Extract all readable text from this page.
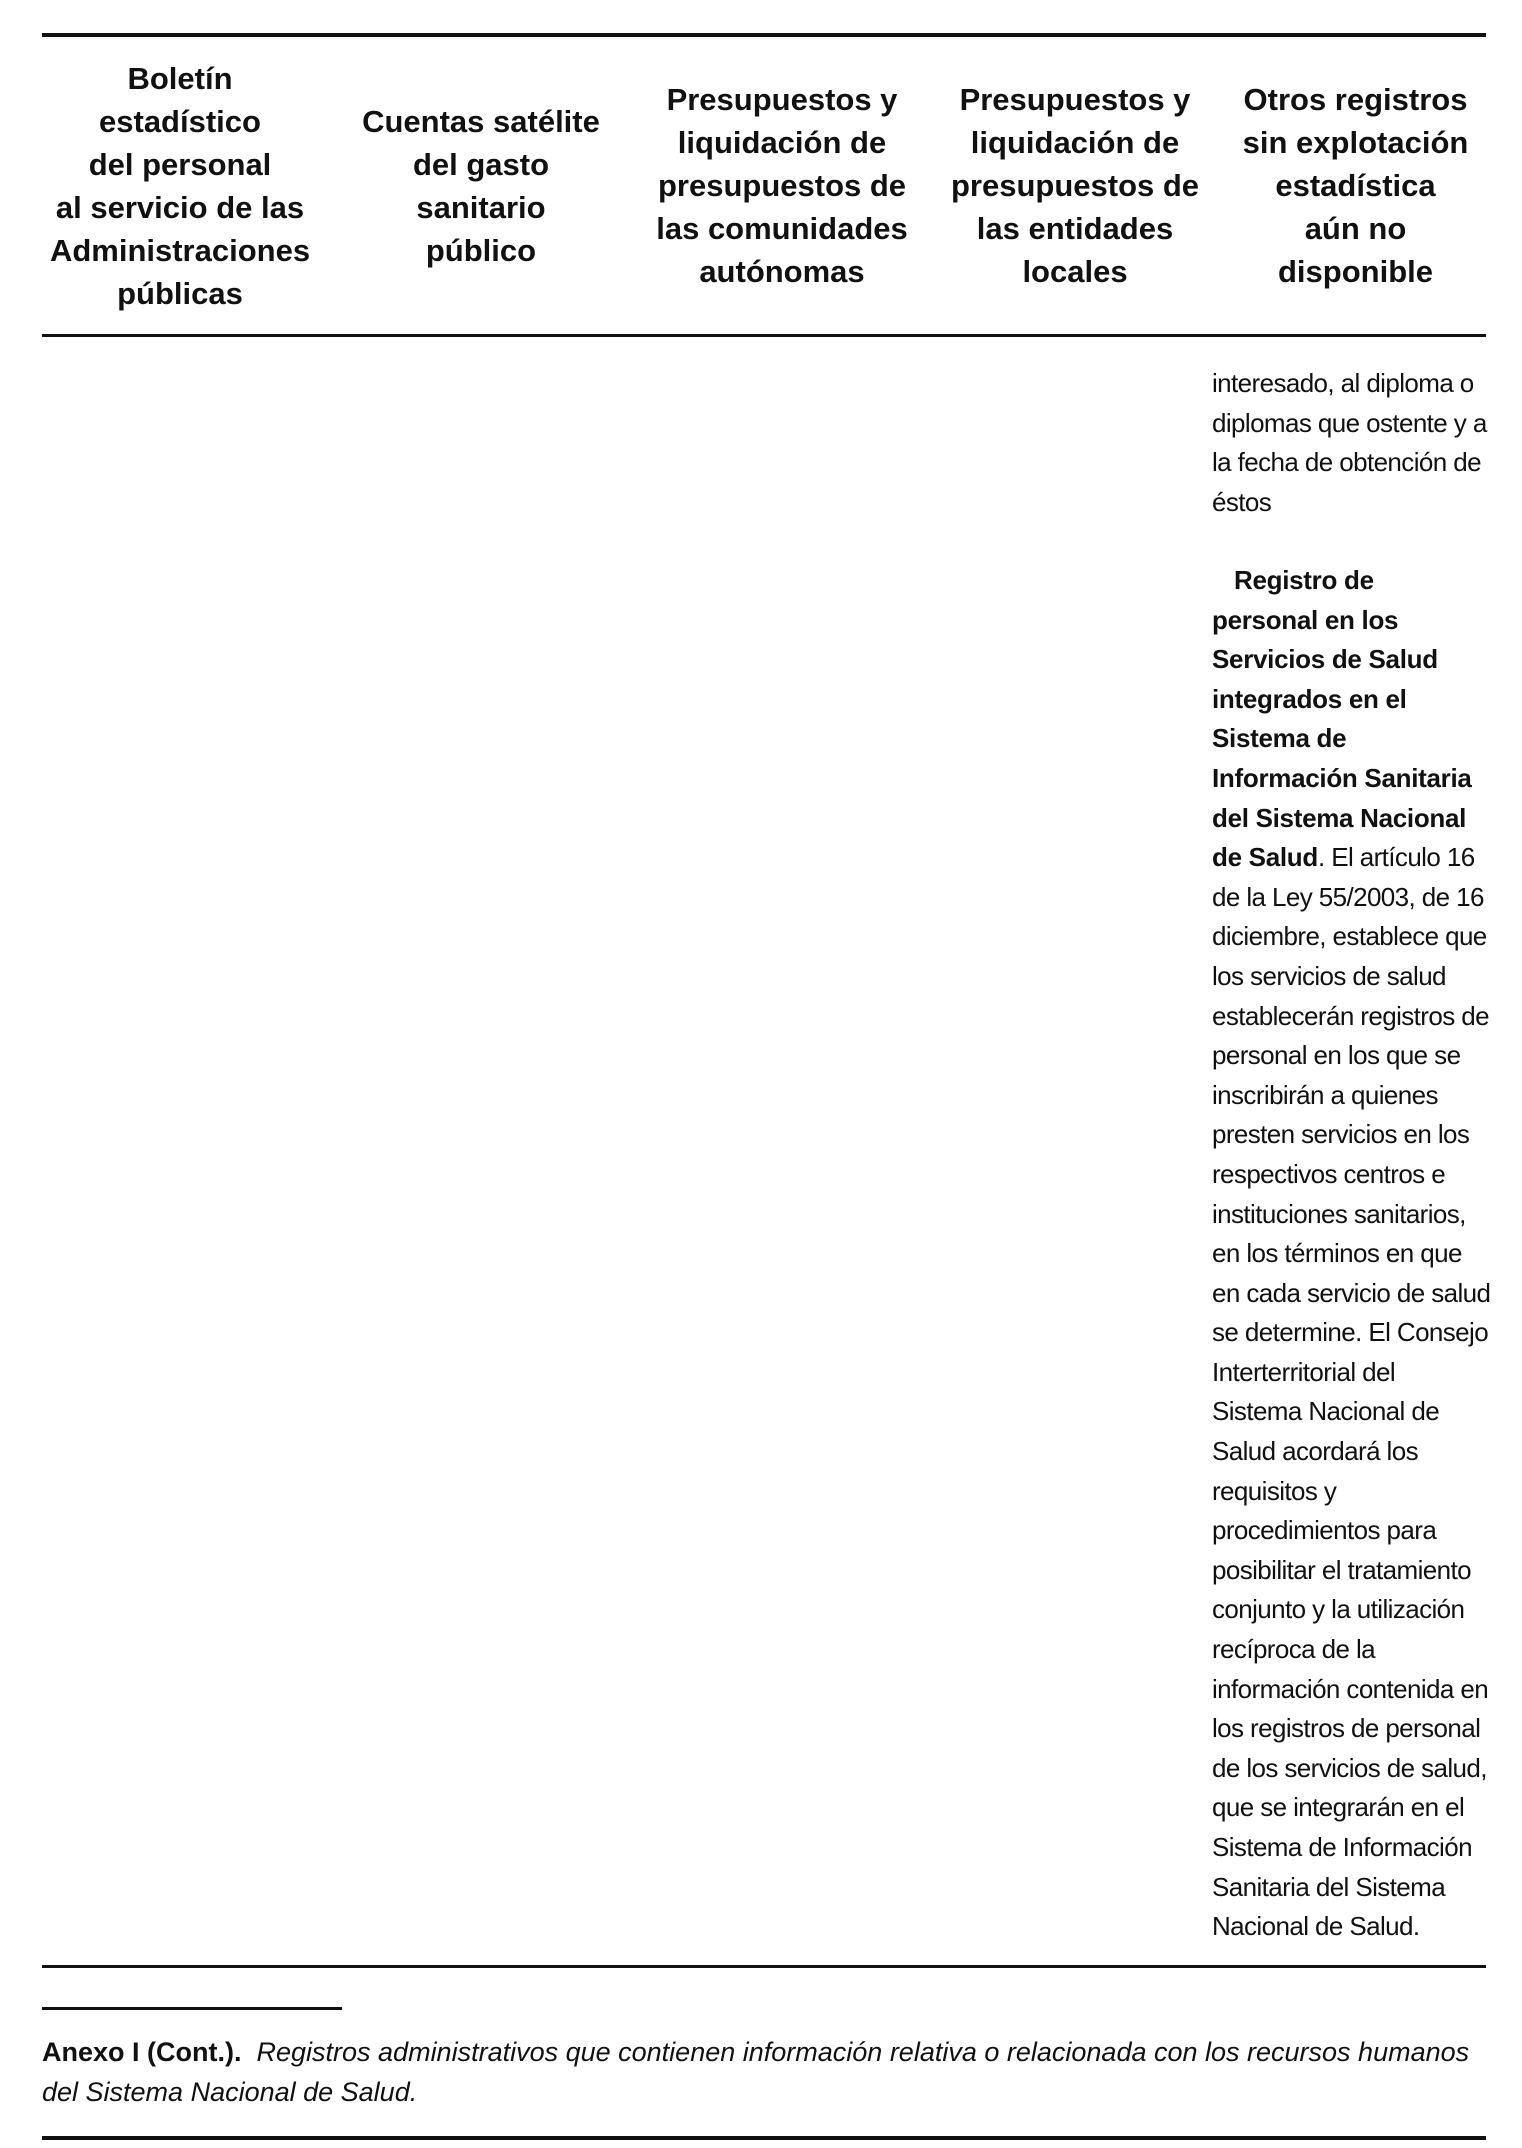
Boletín
estadístico
del personal
al servicio de las
Administraciones
públicas
Cuentas satélite
del gasto
sanitario
público
Presupuestos y
liquidación de
presupuestos de
las comunidades
autónomas
Presupuestos y
liquidación de
presupuestos de
las entidades
locales
Otros registros
sin explotación
estadística
aún no
disponible
interesado, al diploma o
diplomas que ostente y a
la fecha de obtención de
éstos
Registro de
personal en los
Servicios de Salud
integrados en el
Sistema de
Información Sanitaria
del Sistema Nacional
de Salud. El artículo 16
de la Ley 55/2003, de 16
diciembre, establece que
los servicios de salud
establecerán registros de
personal en los que se
inscribirán a quienes
presten servicios en los
respectivos centros e
instituciones sanitarios,
en los términos en que
en cada servicio de salud
se determine. El Consejo
Interterritorial del
Sistema Nacional de
Salud acordará los
requisitos y
procedimientos para
posibilitar el tratamiento
conjunto y la utilización
recíproca de la
información contenida en
los registros de personal
de los servicios de salud,
que se integrarán en el
Sistema de Información
Sanitaria del Sistema
Nacional de Salud.
Anexo I (Cont.). Registros administrativos que contienen información relativa o relacionada con los recursos humanos del Sistema Nacional de Salud.
